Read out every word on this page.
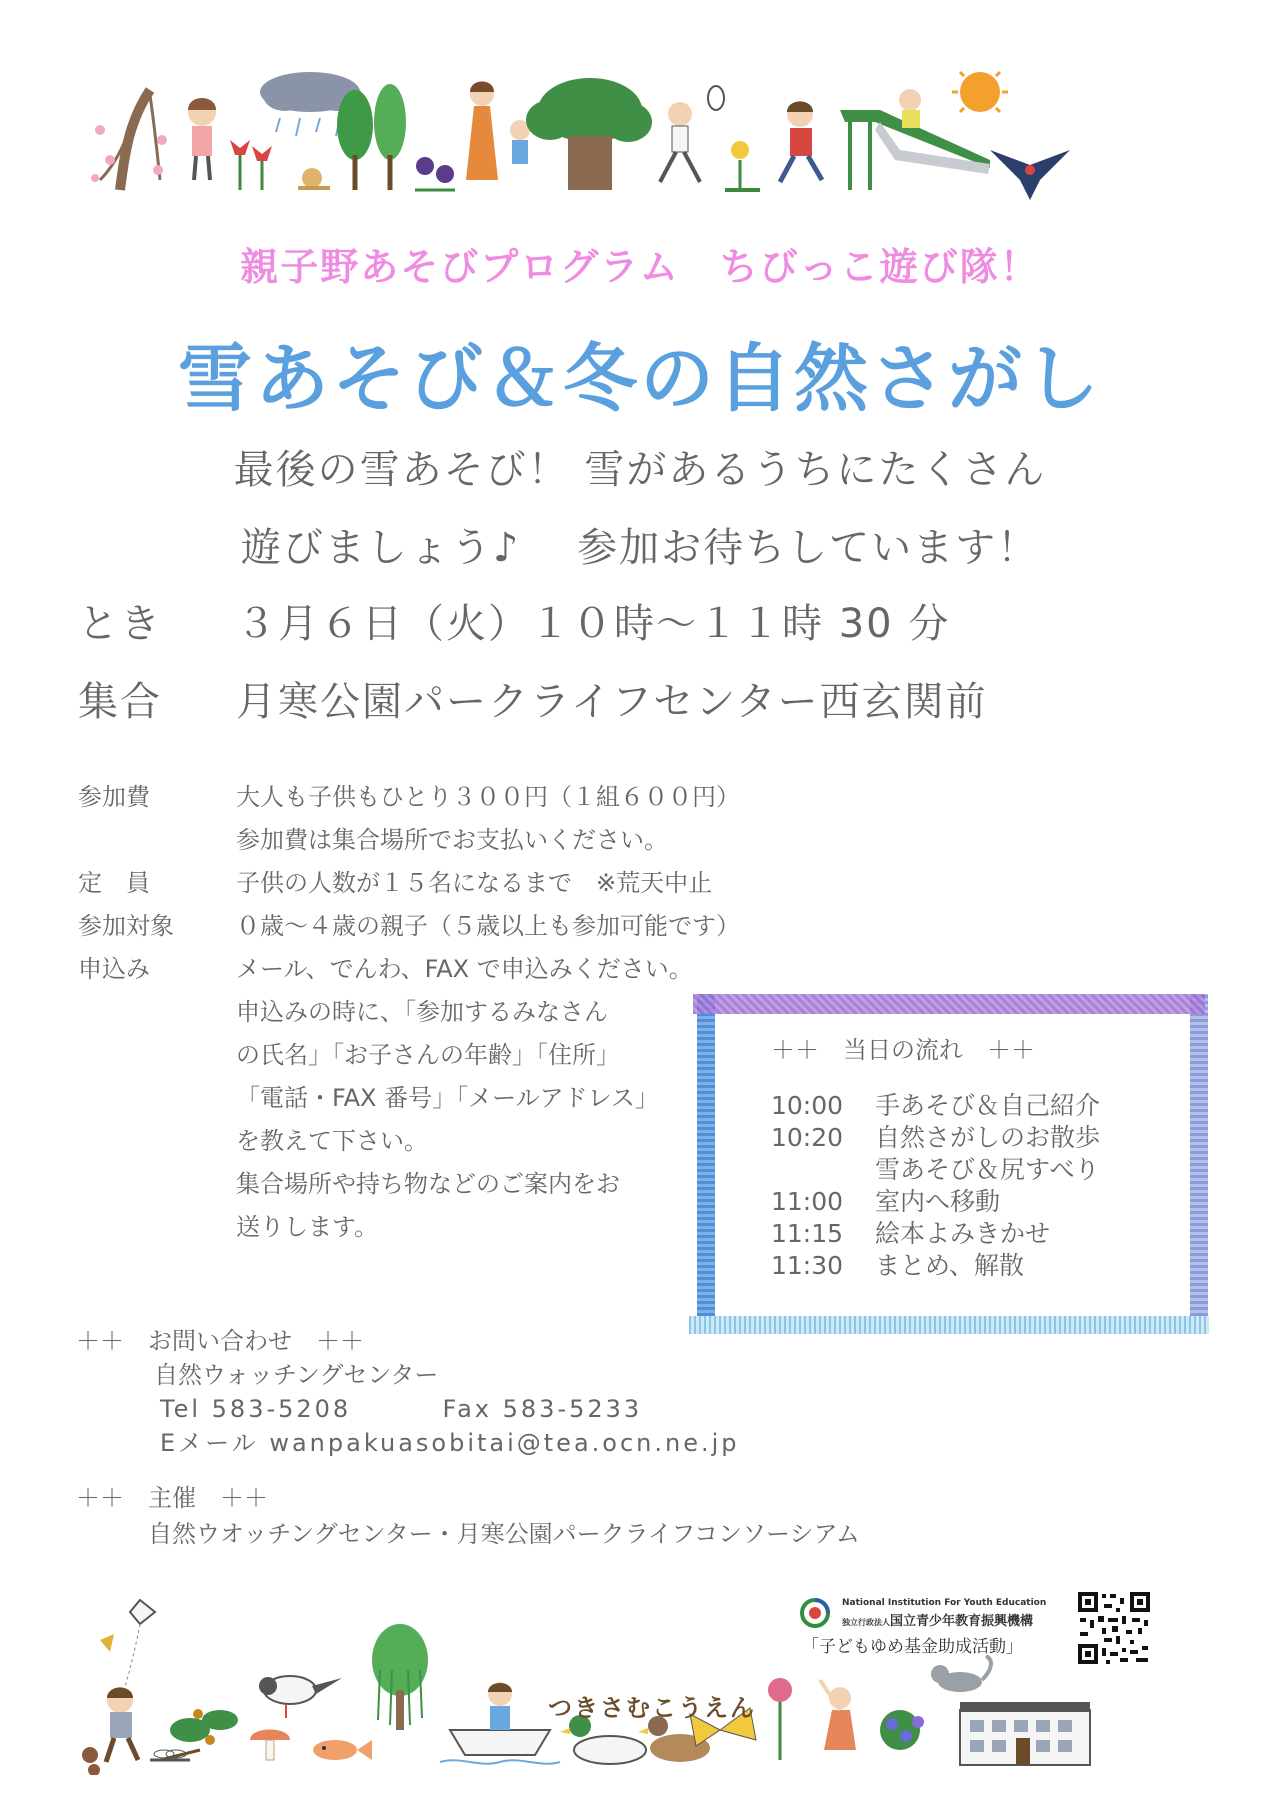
親子野あそびプログラム　ちびっこ遊び隊！
雪あそび＆冬の自然さがし
最後の雪あそび！ 雪があるうちにたくさん
遊びましょう♪　 参加お待ちしています！
とき ３月６日（火）１０時〜１１時 30 分
集合 月寒公園パークライフセンター西玄関前
参加費	大人も子供もひとり３００円（１組６００円）
参加費は集合場所でお支払いください。
定　員	子供の人数が１５名になるまで　※荒天中止
参加対象	０歳〜４歳の親子（５歳以上も参加可能です）
申込み	メール、でんわ、FAX で申込みください。
申込みの時に、「参加するみなさん
の氏名」「お子さんの年齢」「住所」
「電話・FAX 番号」「メールアドレス」
を教えて下さい。
集合場所や持ち物などのご案内をお
送りします。
＋＋　当日の流れ　＋＋
10:00 手あそび＆自己紹介
10:20 自然さがしのお散歩
雪あそび＆尻すべり
11:00 室内へ移動
11:15 絵本よみきかせ
11:30 まとめ、解散
＋＋　お問い合わせ　＋＋
自然ウォッチングセンター
Tel 583-5208	Fax 583-5233
Eメール wanpakuasobitai@tea.ocn.ne.jp
＋＋　主催　＋＋
自然ウオッチングセンター・月寒公園パークライフコンソーシアム
National Institution For Youth Education
独立行政法人国立青少年教育振興機構
「子どもゆめ基金助成活動」
つきさむこうえん
